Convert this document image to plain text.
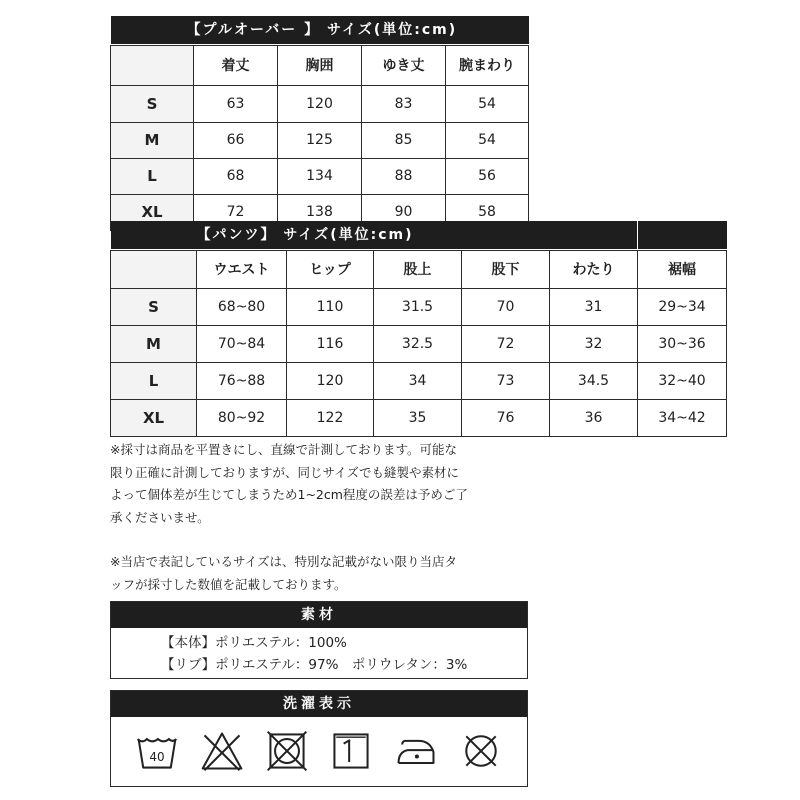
【プルオーバー 】 サイズ(単位:cm)				

	着丈	胸囲	ゆき丈	腕まわり
S	63	120	83	54
M	66	125	85	54
L	68	134	88	56
XL	72	138	90	58
【パンツ】 サイズ(単位:cm)						

	ウエスト	ヒップ	股上	股下	わたり	裾幅
S	68~80	110	31.5	70	31	29~34
M	70~84	116	32.5	72	32	30~36
L	76~88	120	34	73	34.5	32~40
XL	80~92	122	35	76	36	34~42
※採寸は商品を平置きにし、直線で計測しております。可能な
限り正確に計測しておりますが、同じサイズでも縫製や素材に
よって個体差が生じてしまうため1~2cm程度の誤差は予めご了
承くださいませ。
※当店で表記しているサイズは、特別な記載がない限り当店タ
ッフが採寸した数値を記載しております。
素材
【本体】ポリエステル：100%
【リブ】ポリエステル：97%　ポリウレタン：3%
洗濯表示
40
